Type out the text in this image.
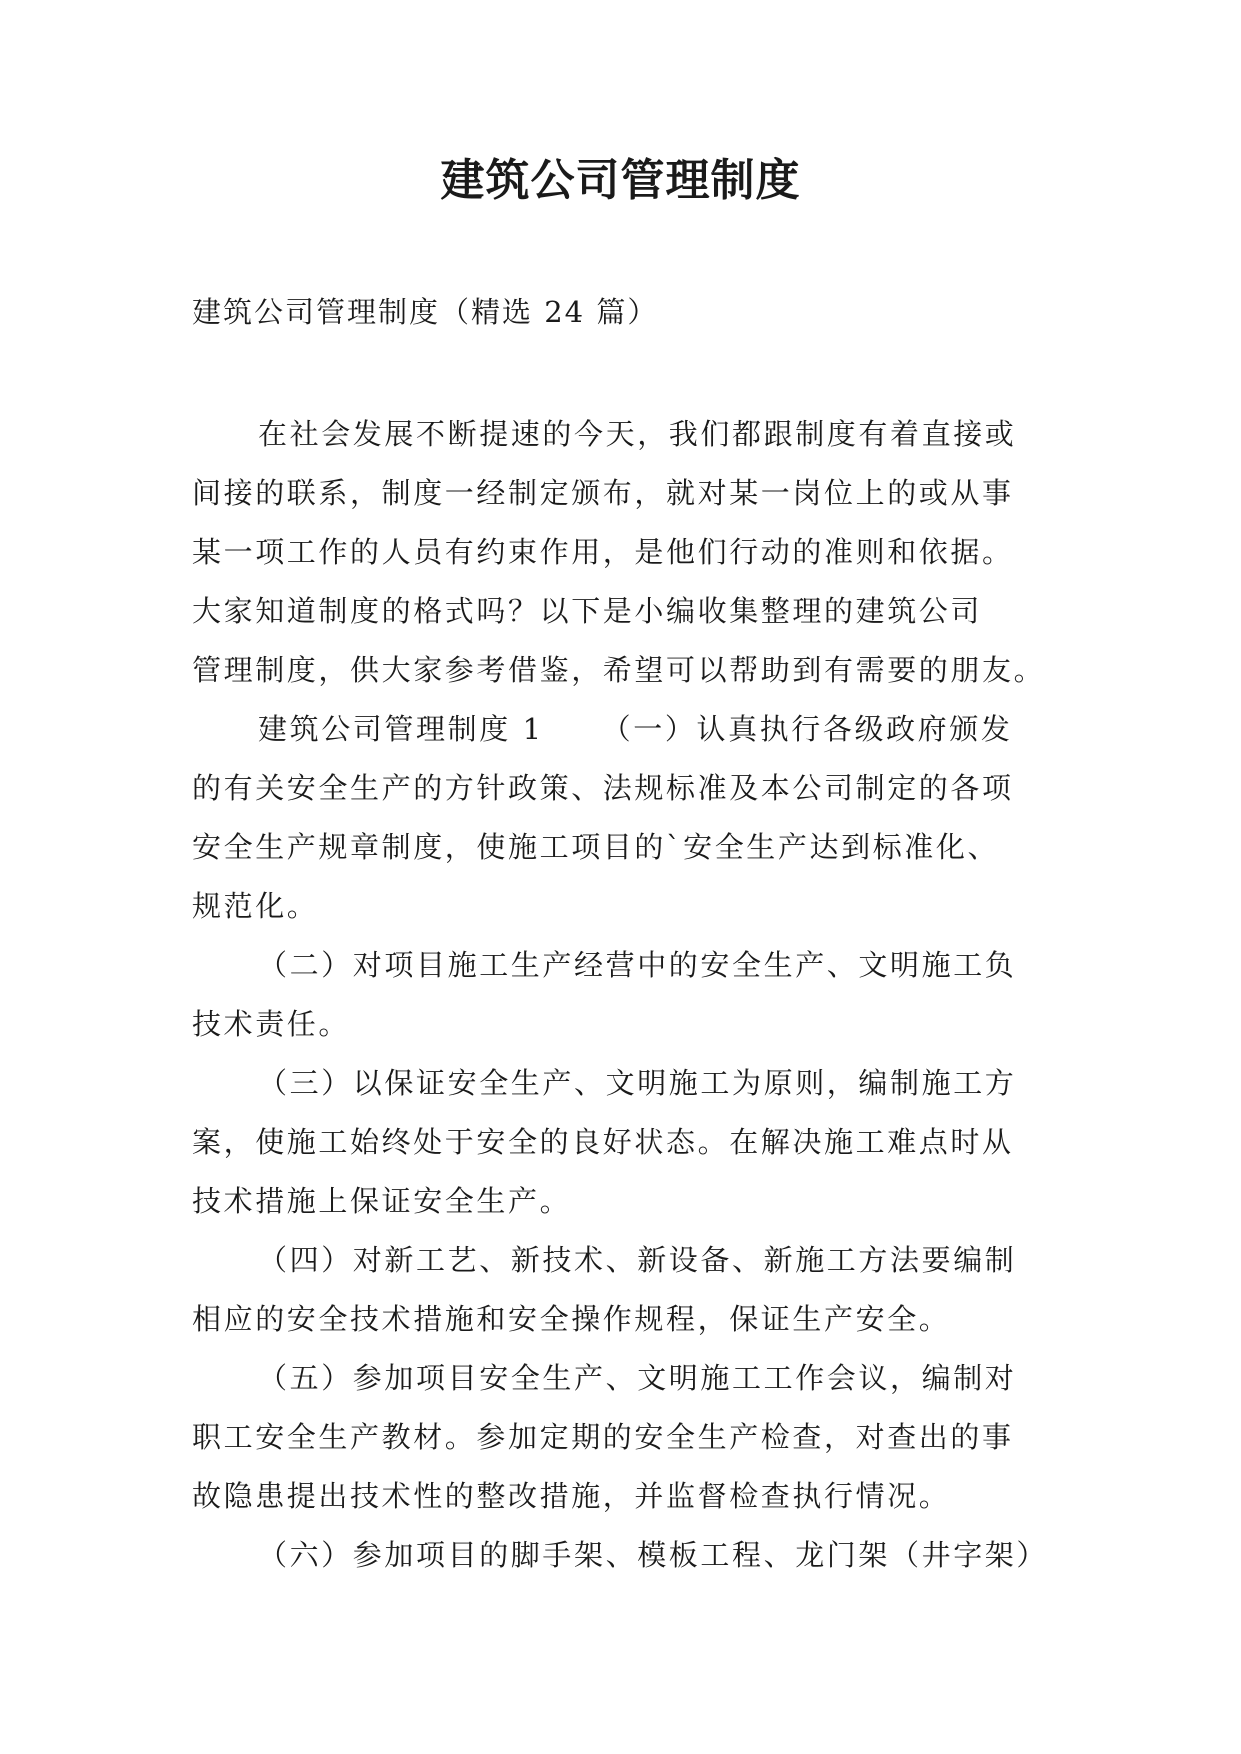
建筑公司管理制度
建筑公司管理制度（精选 24 篇）
在社会发展不断提速的今天，我们都跟制度有着直接或
间接的联系，制度一经制定颁布，就对某一岗位上的或从事
某一项工作的人员有约束作用，是他们行动的准则和依据。
大家知道制度的格式吗？以下是小编收集整理的建筑公司
管理制度，供大家参考借鉴，希望可以帮助到有需要的朋友。
建筑公司管理制度 1 （一）认真执行各级政府颁发
的有关安全生产的方针政策、法规标准及本公司制定的各项
安全生产规章制度，使施工项目的`安全生产达到标准化、
规范化。
（二）对项目施工生产经营中的安全生产、文明施工负
技术责任。
（三）以保证安全生产、文明施工为原则，编制施工方
案，使施工始终处于安全的良好状态。在解决施工难点时从
技术措施上保证安全生产。
（四）对新工艺、新技术、新设备、新施工方法要编制
相应的安全技术措施和安全操作规程，保证生产安全。
（五）参加项目安全生产、文明施工工作会议，编制对
职工安全生产教材。参加定期的安全生产检查，对查出的事
故隐患提出技术性的整改措施，并监督检查执行情况。
（六）参加项目的脚手架、模板工程、龙门架（井字架）
